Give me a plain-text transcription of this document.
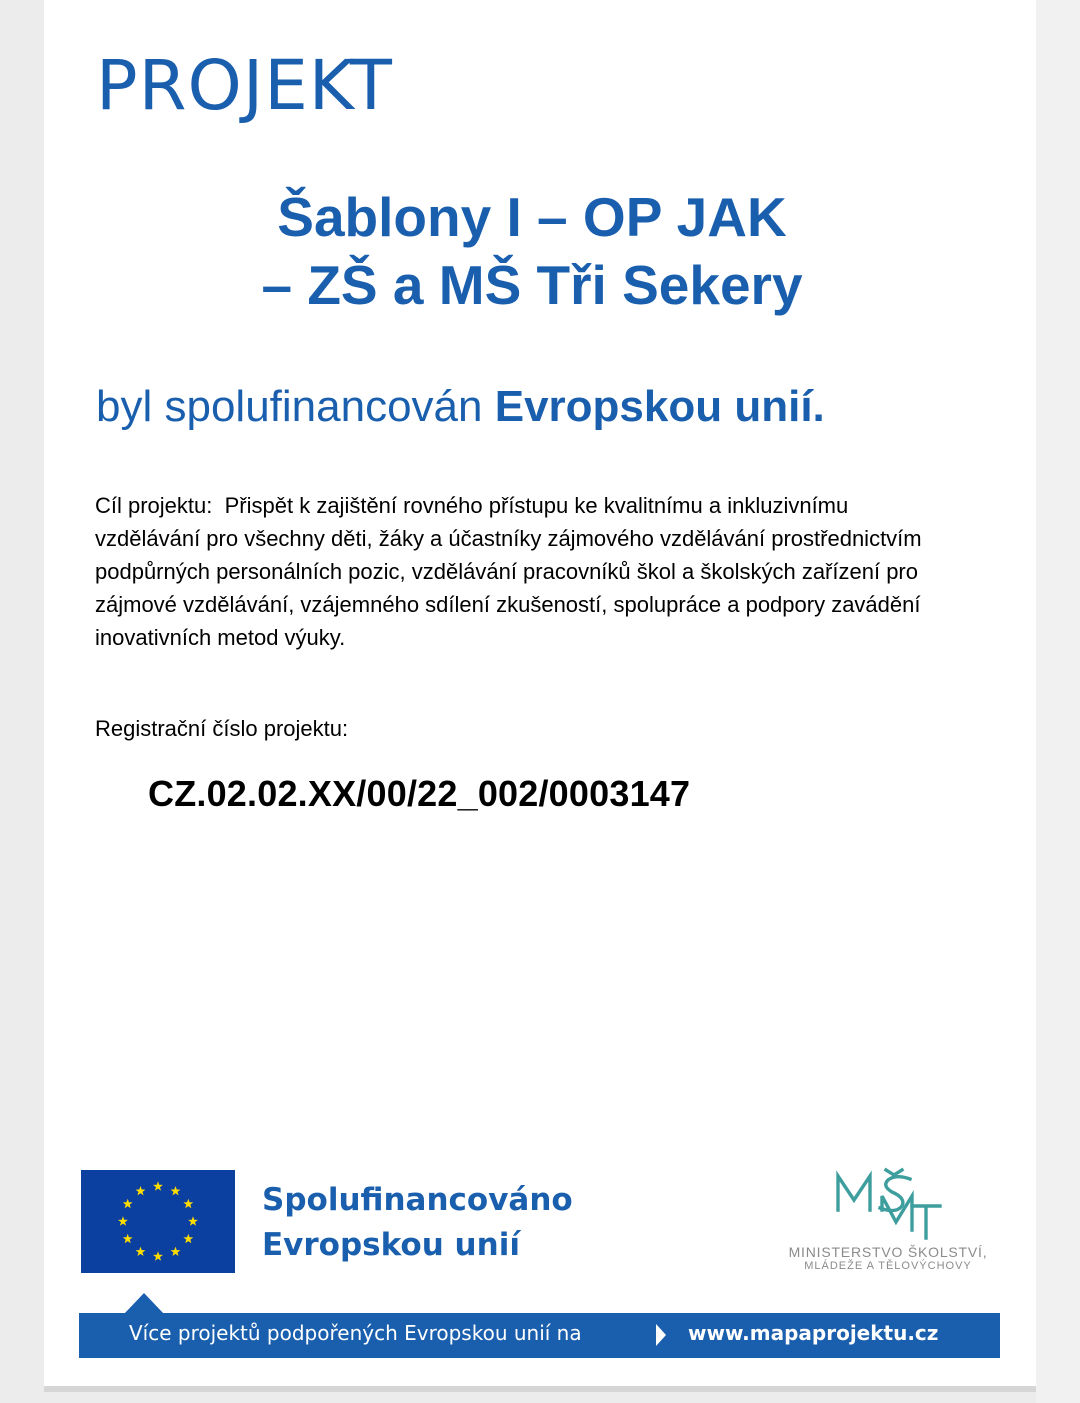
PROJEKT
Šablony I – OP JAK
– ZŠ a MŠ Tři Sekery
byl spolufinancován Evropskou unií.
Cíl projektu: Přispět k zajištění rovného přístupu ke kvalitnímu a inkluzivnímu vzdělávání pro všechny děti, žáky a účastníky zájmového vzdělávání prostřednictvím podpůrných personálních pozic, vzdělávání pracovníků škol a školských zařízení pro zájmové vzdělávání, vzájemného sdílení zkušeností, spolupráce a podpory zavádění inovativních metod výuky.
Registrační číslo projektu:
CZ.02.02.XX/00/22_002/0003147
Spolufinancováno
Evropskou unií	MINISTERSTVO ŠKOLSTVÍ,
MLÁDEŽE A TĚLOVÝCHOVY
Více projektů podpořených Evropskou unií na	www.mapaprojektu.cz
